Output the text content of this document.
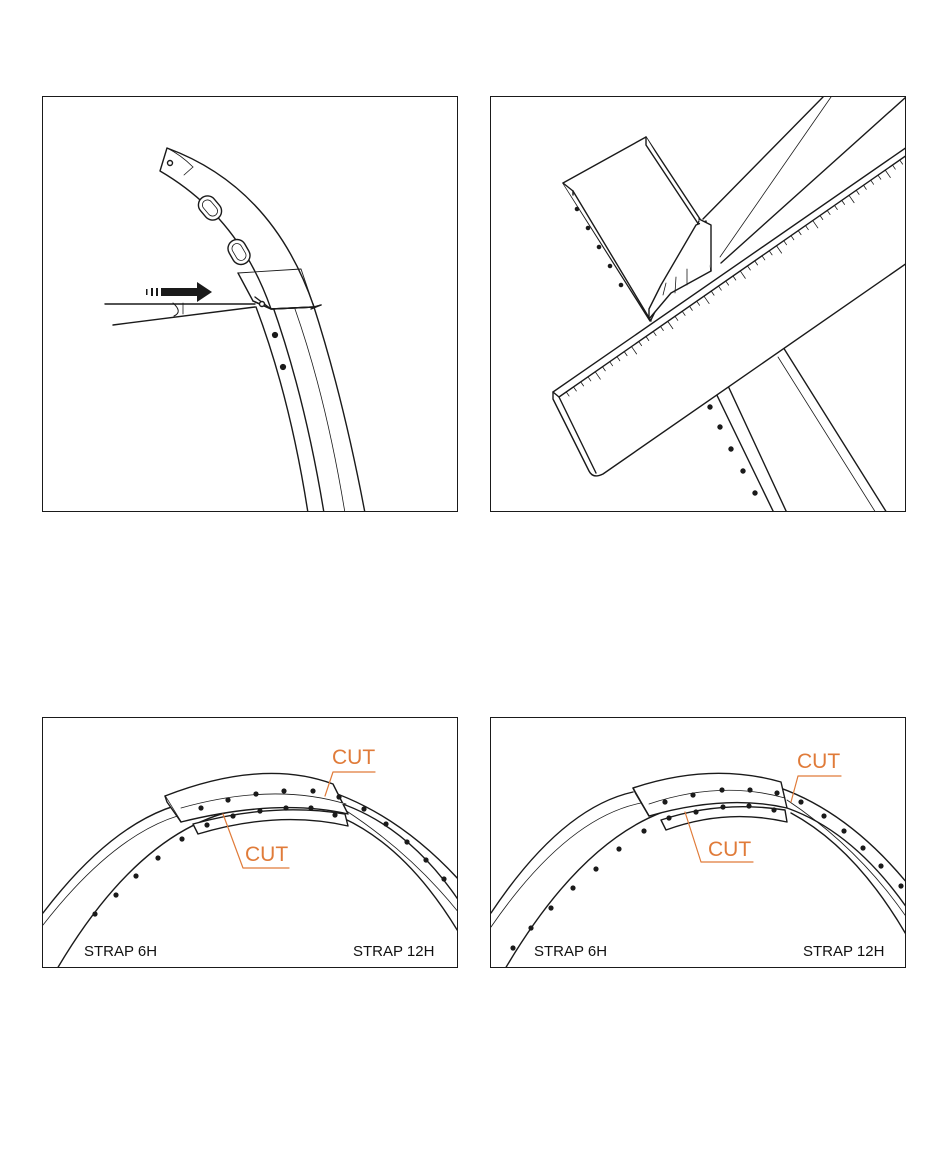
CUT
CUT
STRAP 6H	STRAP 12H
CUT
CUT
STRAP 6H	STRAP 12H
